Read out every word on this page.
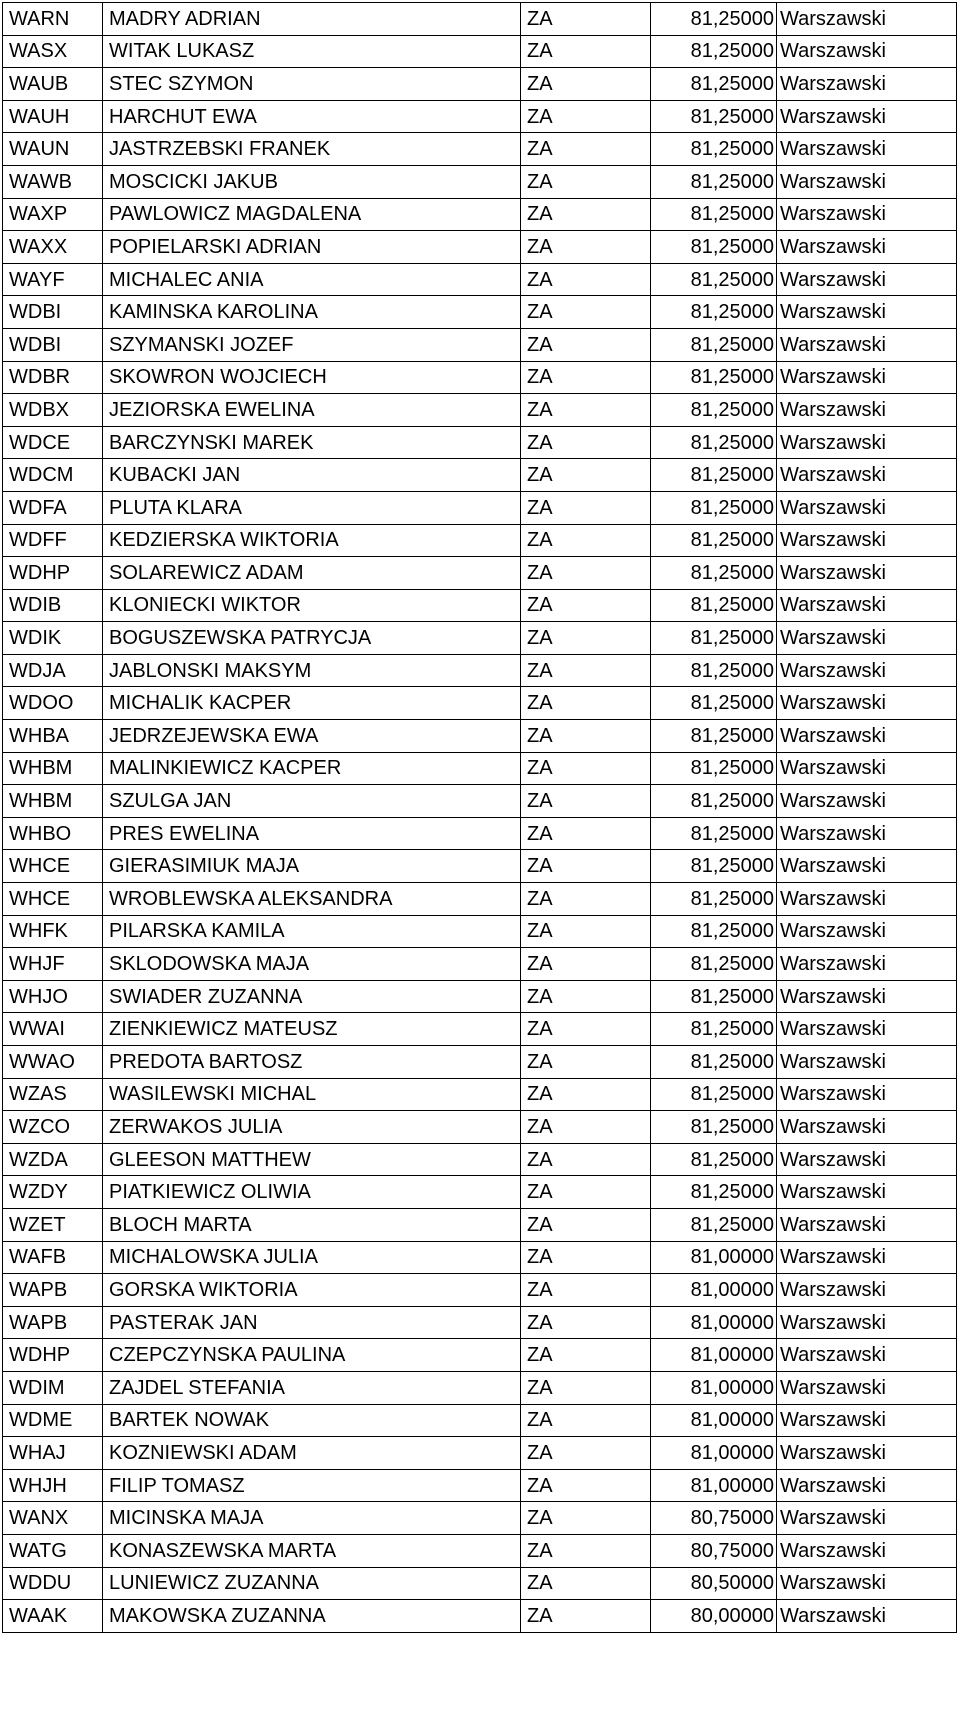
WARN	MADRY ADRIAN	ZA	81,25000	Warszawski
WASX	WITAK LUKASZ	ZA	81,25000	Warszawski
WAUB	STEC SZYMON	ZA	81,25000	Warszawski
WAUH	HARCHUT EWA	ZA	81,25000	Warszawski
WAUN	JASTRZEBSKI FRANEK	ZA	81,25000	Warszawski
WAWB	MOSCICKI JAKUB	ZA	81,25000	Warszawski
WAXP	PAWLOWICZ MAGDALENA	ZA	81,25000	Warszawski
WAXX	POPIELARSKI ADRIAN	ZA	81,25000	Warszawski
WAYF	MICHALEC ANIA	ZA	81,25000	Warszawski
WDBI	KAMINSKA KAROLINA	ZA	81,25000	Warszawski
WDBI	SZYMANSKI JOZEF	ZA	81,25000	Warszawski
WDBR	SKOWRON WOJCIECH	ZA	81,25000	Warszawski
WDBX	JEZIORSKA EWELINA	ZA	81,25000	Warszawski
WDCE	BARCZYNSKI MAREK	ZA	81,25000	Warszawski
WDCM	KUBACKI JAN	ZA	81,25000	Warszawski
WDFA	PLUTA KLARA	ZA	81,25000	Warszawski
WDFF	KEDZIERSKA WIKTORIA	ZA	81,25000	Warszawski
WDHP	SOLAREWICZ ADAM	ZA	81,25000	Warszawski
WDIB	KLONIECKI WIKTOR	ZA	81,25000	Warszawski
WDIK	BOGUSZEWSKA PATRYCJA	ZA	81,25000	Warszawski
WDJA	JABLONSKI MAKSYM	ZA	81,25000	Warszawski
WDOO	MICHALIK KACPER	ZA	81,25000	Warszawski
WHBA	JEDRZEJEWSKA EWA	ZA	81,25000	Warszawski
WHBM	MALINKIEWICZ KACPER	ZA	81,25000	Warszawski
WHBM	SZULGA JAN	ZA	81,25000	Warszawski
WHBO	PRES EWELINA	ZA	81,25000	Warszawski
WHCE	GIERASIMIUK MAJA	ZA	81,25000	Warszawski
WHCE	WROBLEWSKA ALEKSANDRA	ZA	81,25000	Warszawski
WHFK	PILARSKA KAMILA	ZA	81,25000	Warszawski
WHJF	SKLODOWSKA MAJA	ZA	81,25000	Warszawski
WHJO	SWIADER ZUZANNA	ZA	81,25000	Warszawski
WWAI	ZIENKIEWICZ MATEUSZ	ZA	81,25000	Warszawski
WWAO	PREDOTA BARTOSZ	ZA	81,25000	Warszawski
WZAS	WASILEWSKI MICHAL	ZA	81,25000	Warszawski
WZCO	ZERWAKOS JULIA	ZA	81,25000	Warszawski
WZDA	GLEESON MATTHEW	ZA	81,25000	Warszawski
WZDY	PIATKIEWICZ OLIWIA	ZA	81,25000	Warszawski
WZET	BLOCH MARTA	ZA	81,25000	Warszawski
WAFB	MICHALOWSKA JULIA	ZA	81,00000	Warszawski
WAPB	GORSKA WIKTORIA	ZA	81,00000	Warszawski
WAPB	PASTERAK JAN	ZA	81,00000	Warszawski
WDHP	CZEPCZYNSKA PAULINA	ZA	81,00000	Warszawski
WDIM	ZAJDEL STEFANIA	ZA	81,00000	Warszawski
WDME	BARTEK NOWAK	ZA	81,00000	Warszawski
WHAJ	KOZNIEWSKI ADAM	ZA	81,00000	Warszawski
WHJH	FILIP TOMASZ	ZA	81,00000	Warszawski
WANX	MICINSKA MAJA	ZA	80,75000	Warszawski
WATG	KONASZEWSKA MARTA	ZA	80,75000	Warszawski
WDDU	LUNIEWICZ ZUZANNA	ZA	80,50000	Warszawski
WAAK	MAKOWSKA ZUZANNA	ZA	80,00000	Warszawski
